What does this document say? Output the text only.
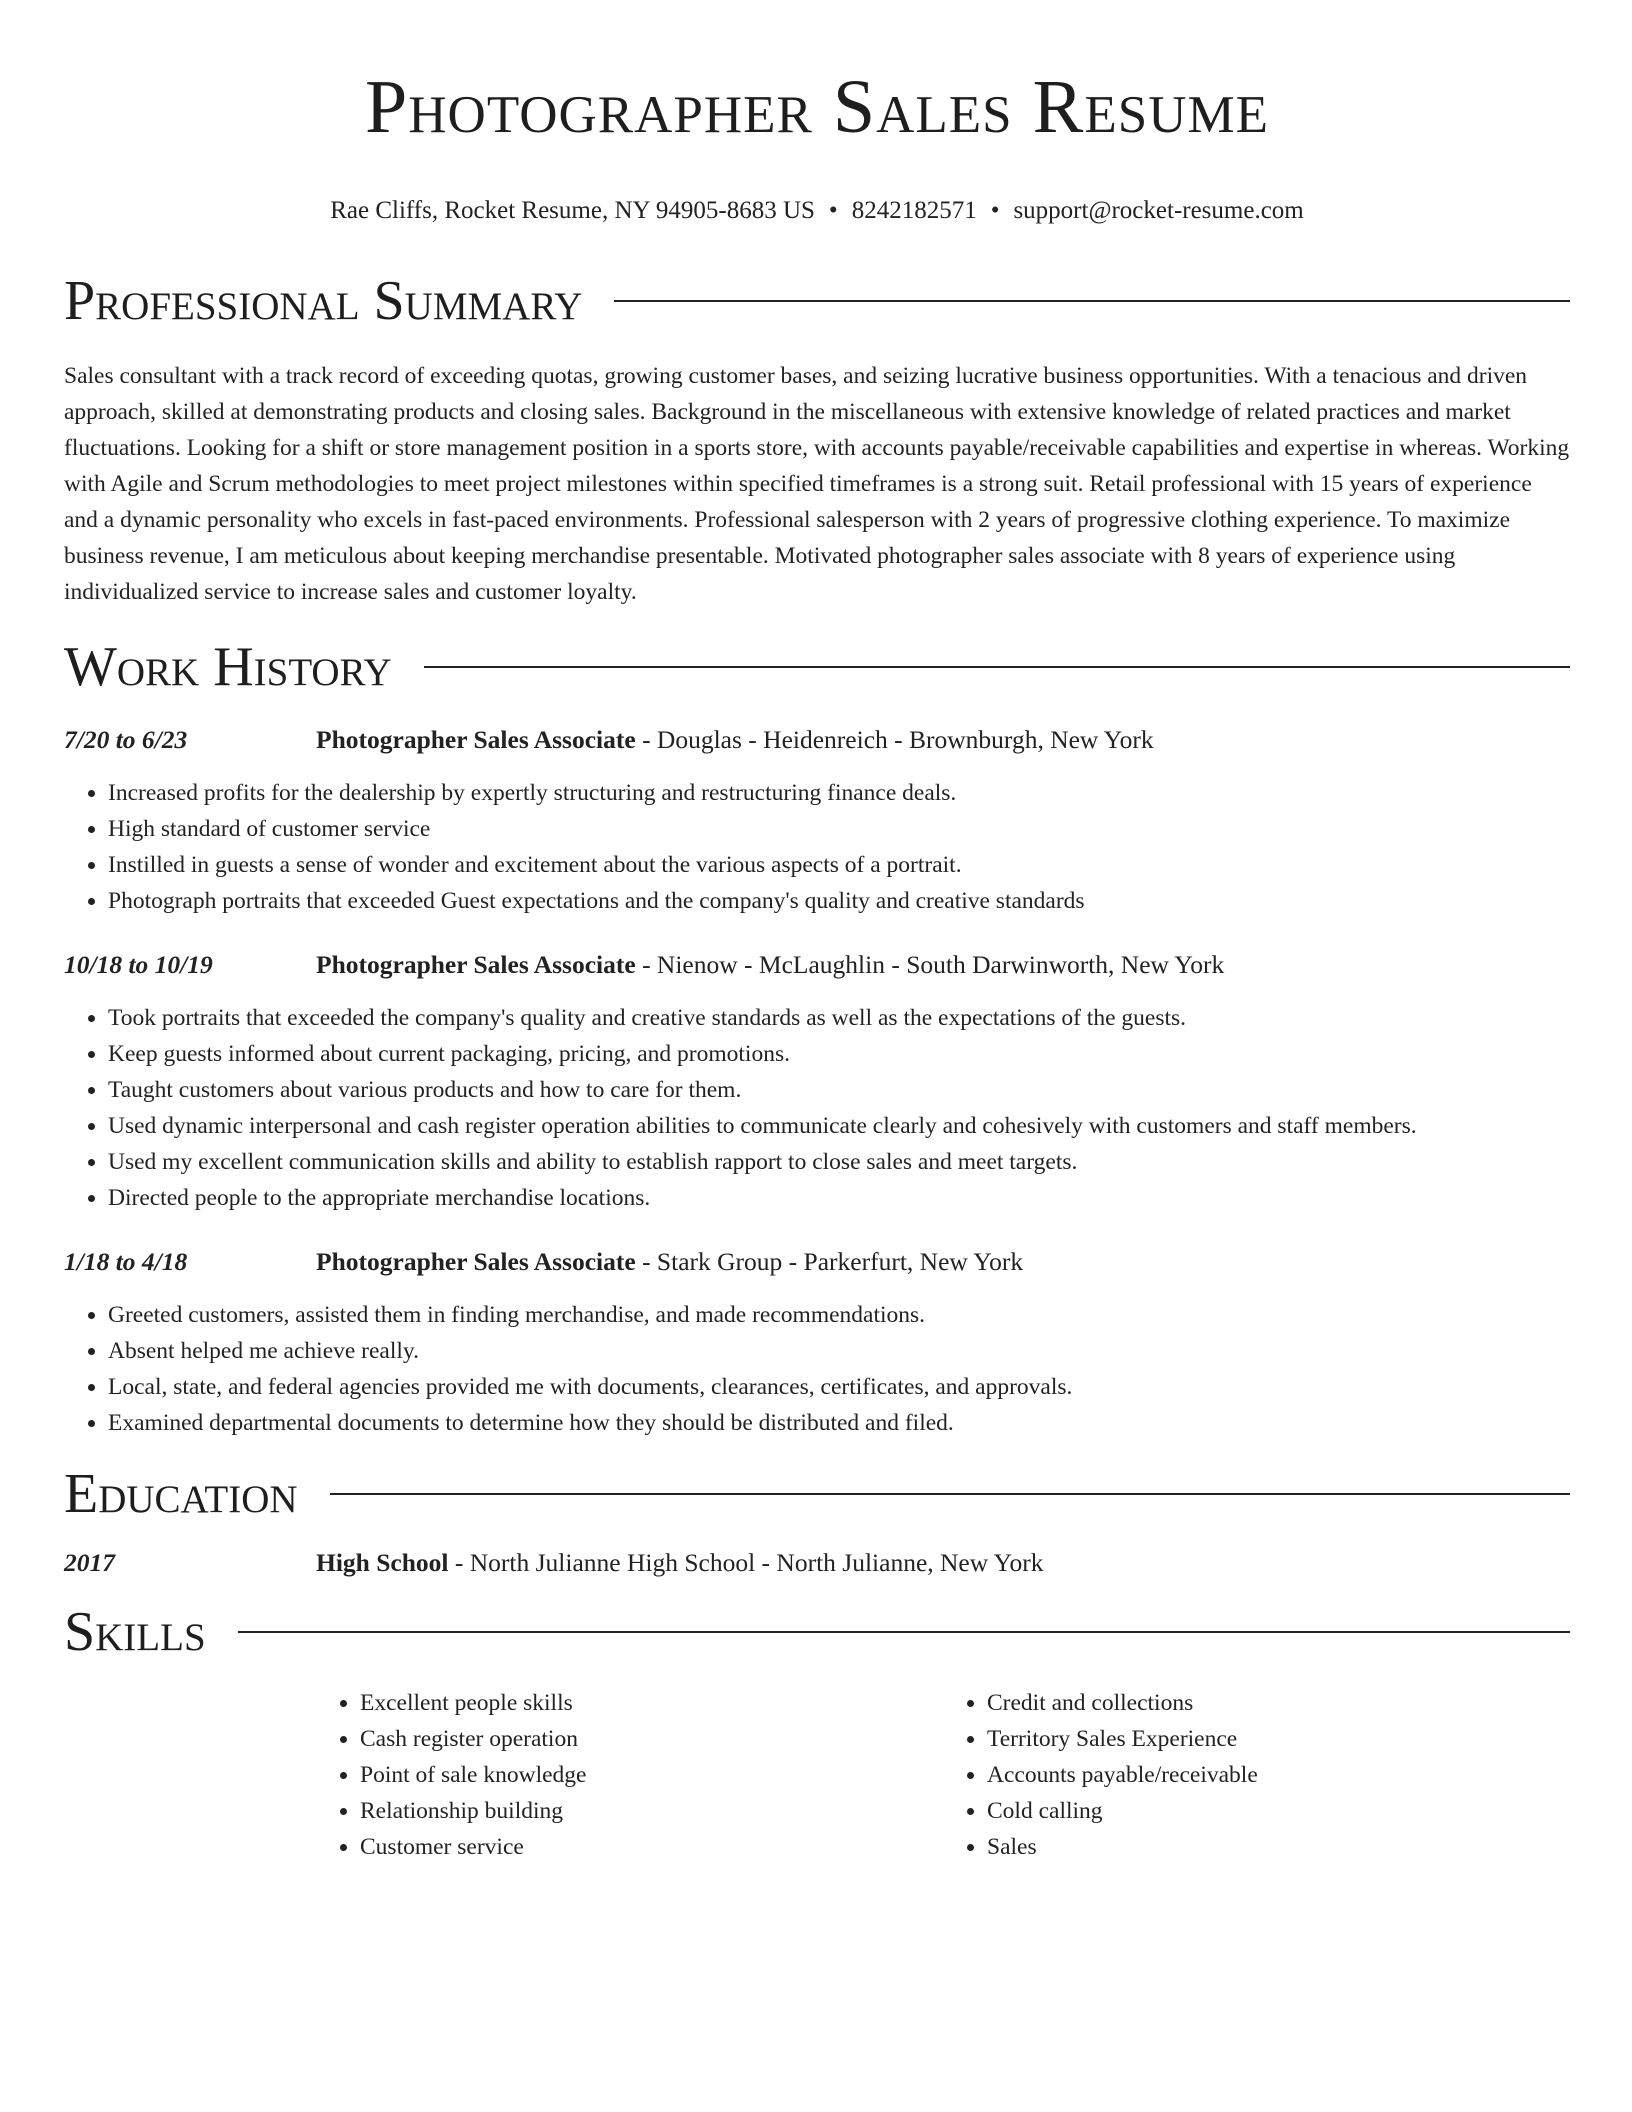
Photographer Sales Resume
Rae Cliffs, Rocket Resume, NY 94905-8683 US • 8242182571 • support@rocket-resume.com
Professional Summary

Sales consultant with a track record of exceeding quotas, growing customer bases, and seizing lucrative business opportunities. With a tenacious and driven approach, skilled at demonstrating products and closing sales. Background in the miscellaneous with extensive knowledge of related practices and market fluctuations. Looking for a shift or store management position in a sports store, with accounts payable/receivable capabilities and expertise in whereas. Working with Agile and Scrum methodologies to meet project milestones within specified timeframes is a strong suit. Retail professional with 15 years of experience and a dynamic personality who excels in fast-paced environments. Professional salesperson with 2 years of progressive clothing experience. To maximize business revenue, I am meticulous about keeping merchandise presentable. Motivated photographer sales associate with 8 years of experience using individualized service to increase sales and customer loyalty.

Work History
7/20 to 6/23	Photographer Sales Associate - Douglas - Heidenreich - Brownburgh, New York
• Increased profits for the dealership by expertly structuring and restructuring finance deals.
• High standard of customer service
• Instilled in guests a sense of wonder and excitement about the various aspects of a portrait.
• Photograph portraits that exceeded Guest expectations and the company's quality and creative standards
10/18 to 10/19	Photographer Sales Associate - Nienow - McLaughlin - South Darwinworth, New York
• Took portraits that exceeded the company's quality and creative standards as well as the expectations of the guests.
• Keep guests informed about current packaging, pricing, and promotions.
• Taught customers about various products and how to care for them.
• Used dynamic interpersonal and cash register operation abilities to communicate clearly and cohesively with customers and staff members.
• Used my excellent communication skills and ability to establish rapport to close sales and meet targets.
• Directed people to the appropriate merchandise locations.
1/18 to 4/18	Photographer Sales Associate - Stark Group - Parkerfurt, New York
• Greeted customers, assisted them in finding merchandise, and made recommendations.
• Absent helped me achieve really.
• Local, state, and federal agencies provided me with documents, clearances, certificates, and approvals.
• Examined departmental documents to determine how they should be distributed and filed.
Education
2017	High School - North Julianne High School - North Julianne, New York
Skills
• Excellent people skills
• Cash register operation
• Point of sale knowledge
• Relationship building
• Customer service
• Credit and collections
• Territory Sales Experience
• Accounts payable/receivable
• Cold calling
• Sales
